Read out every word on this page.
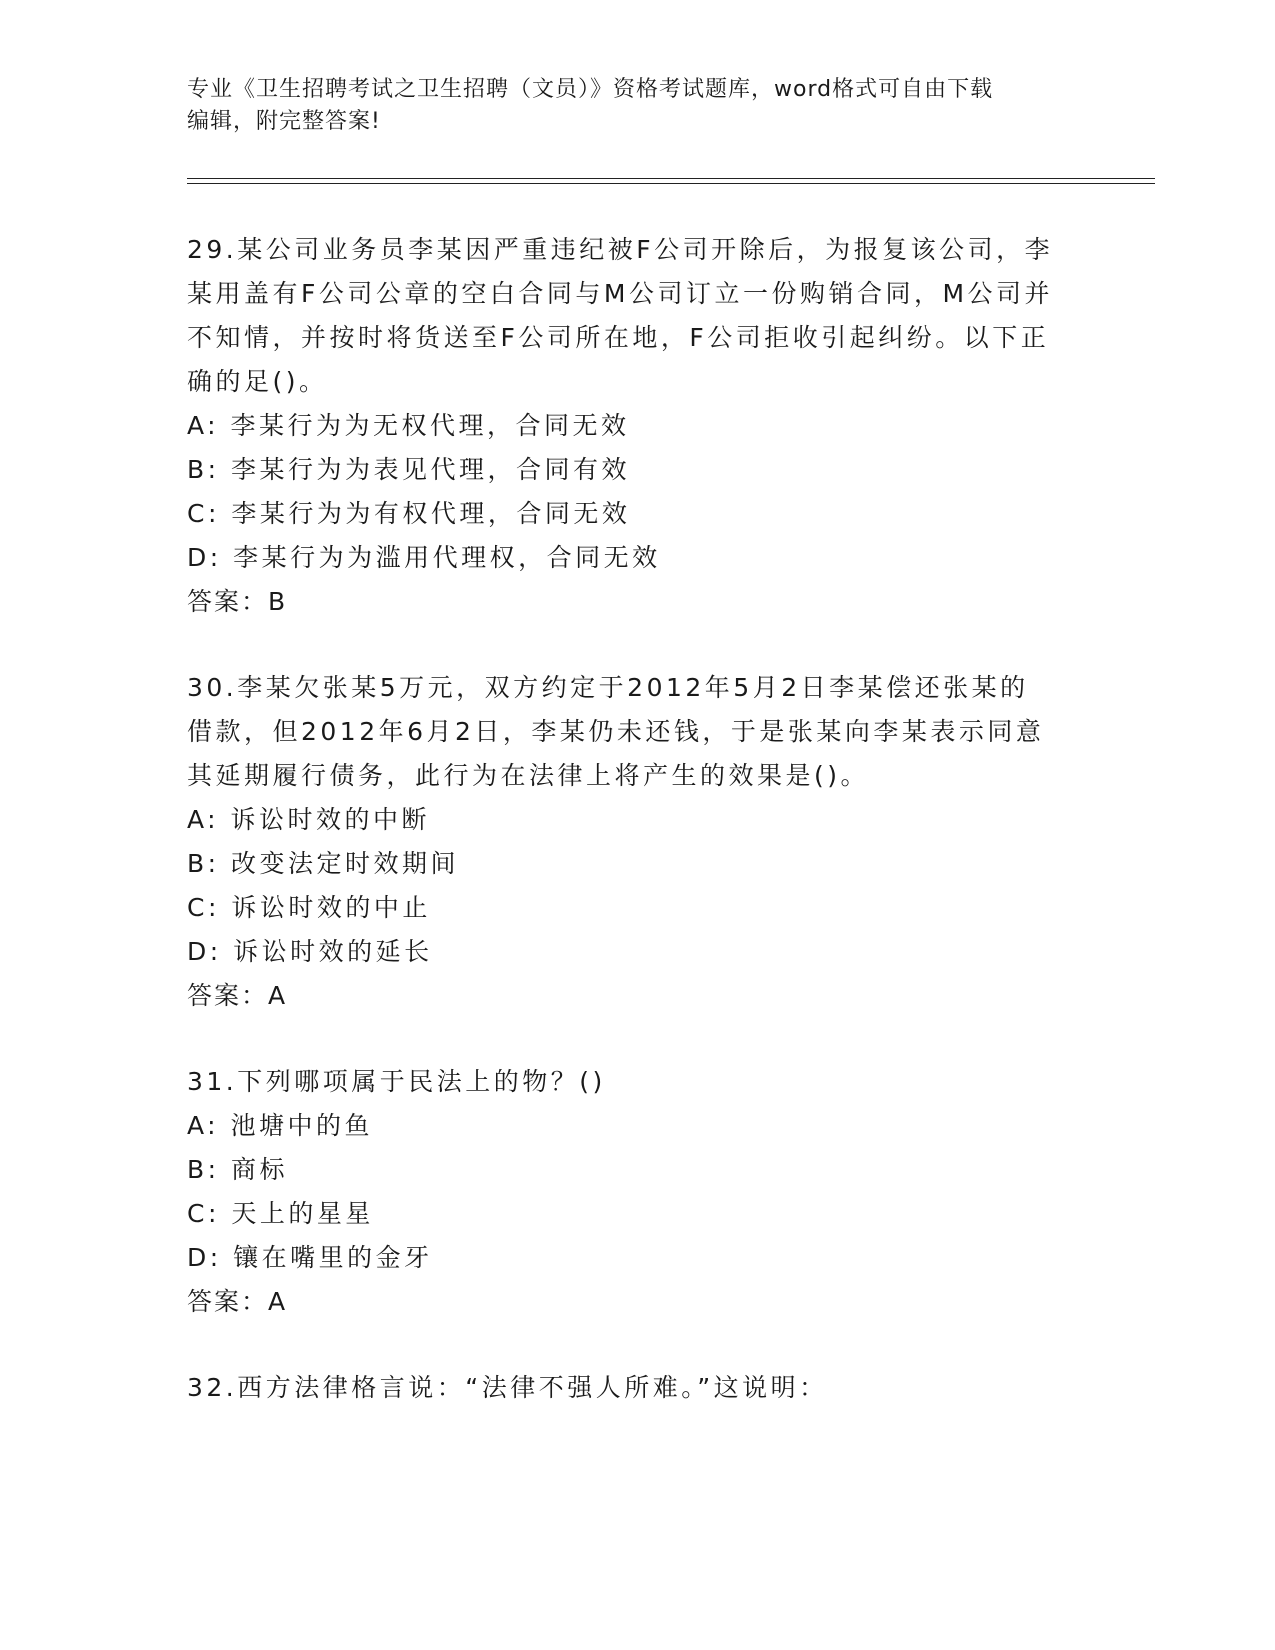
专业《卫生招聘考试之卫生招聘（文员）》资格考试题库，word格式可自由下载
编辑，附完整答案!
29.某公司业务员李某因严重违纪被F公司开除后，为报复该公司，李
某用盖有F公司公章的空白合同与M公司订立一份购销合同，M公司并
不知情，并按时将货送至F公司所在地，F公司拒收引起纠纷。以下正
确的足()。
A: 李某行为为无权代理，合同无效
B: 李某行为为表见代理，合同有效
C: 李某行为为有权代理，合同无效
D: 李某行为为滥用代理权，合同无效
答案：B
30.李某欠张某5万元，双方约定于2012年5月2日李某偿还张某的
借款，但2012年6月2日，李某仍未还钱，于是张某向李某表示同意
其延期履行债务，此行为在法律上将产生的效果是()。
A: 诉讼时效的中断
B: 改变法定时效期间
C: 诉讼时效的中止
D: 诉讼时效的延长
答案：A
31.下列哪项属于民法上的物？()
A: 池塘中的鱼
B: 商标
C: 天上的星星
D: 镶在嘴里的金牙
答案：A
32.西方法律格言说：“法律不强人所难。”这说明：
